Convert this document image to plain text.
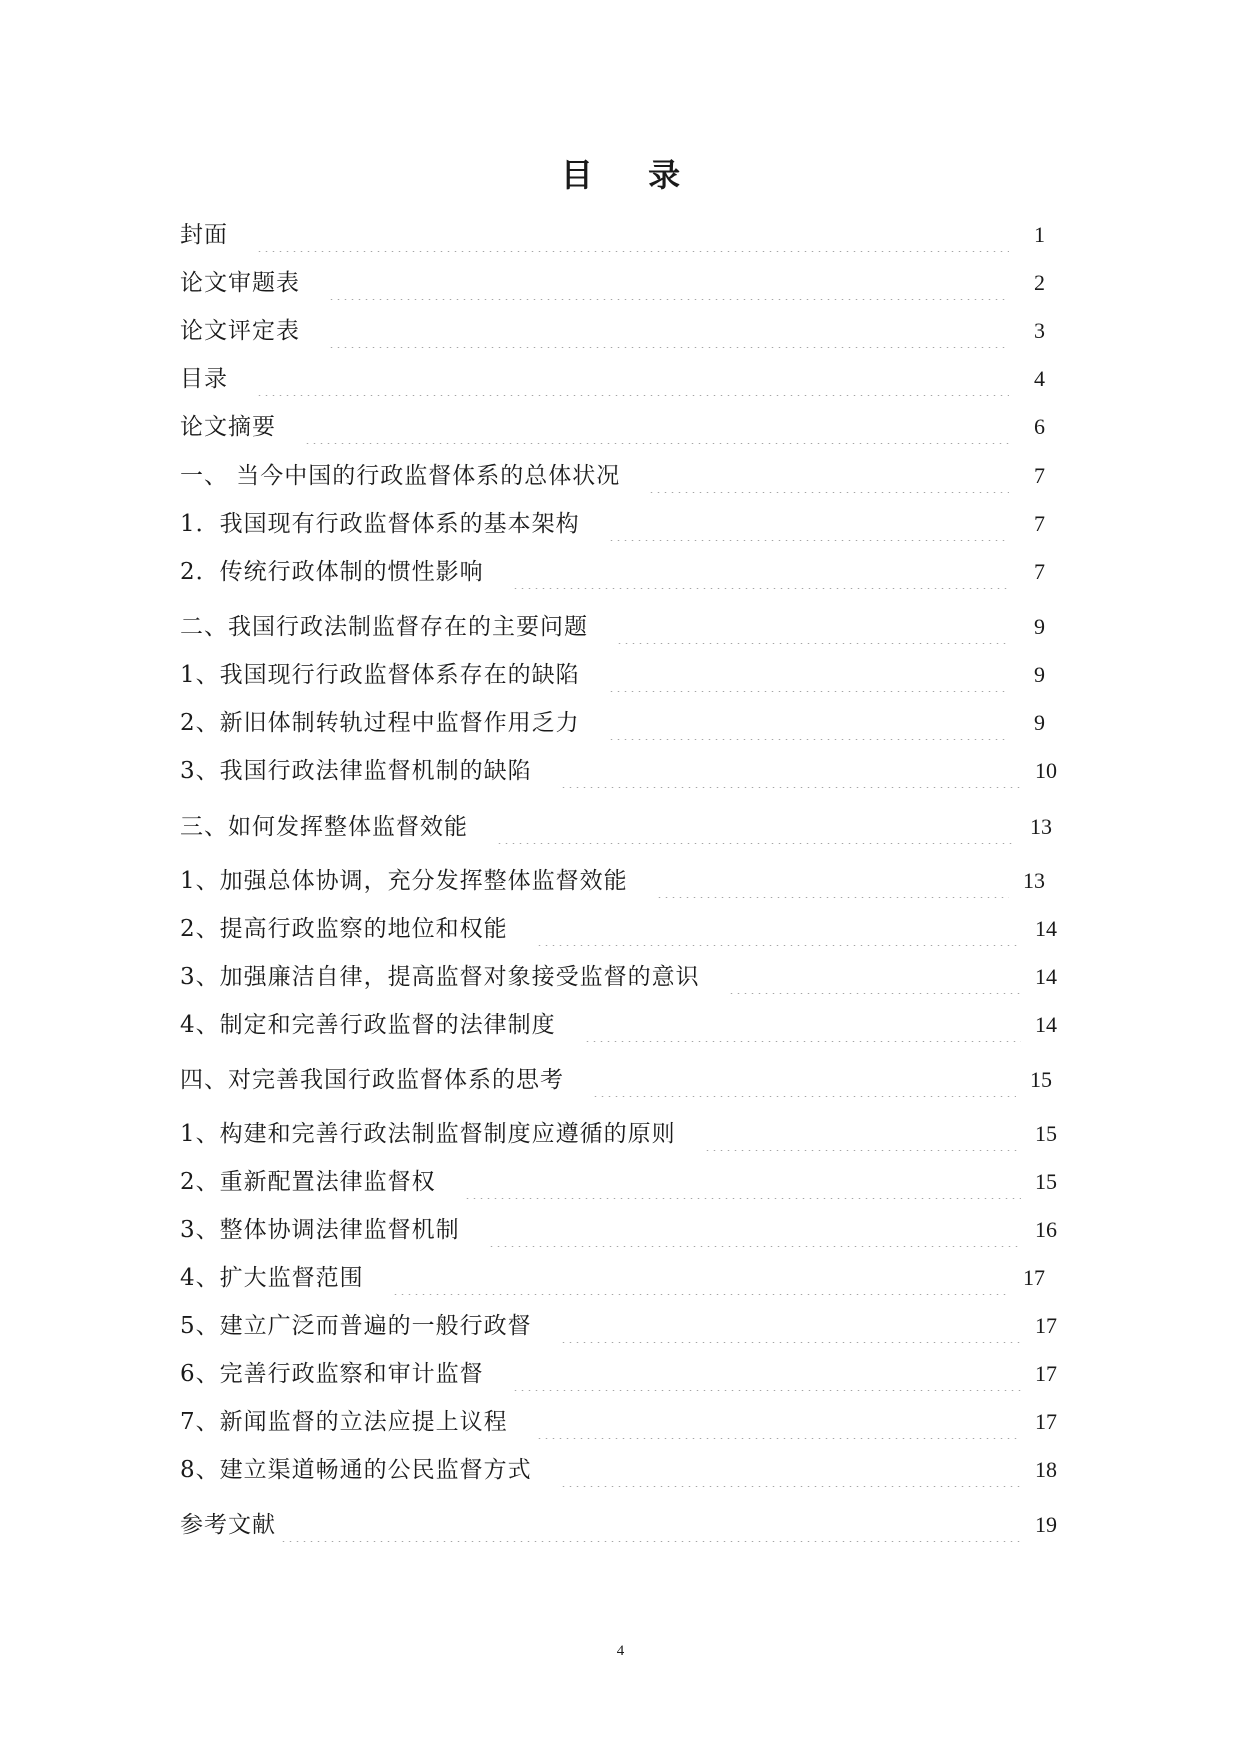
目 录
封面	1
论文审题表	2
论文评定表	3
目录	4
论文摘要	6
一、 当今中国的行政监督体系的总体状况	7
1．我国现有行政监督体系的基本架构	7
2．传统行政体制的惯性影响	7
二、我国行政法制监督存在的主要问题	9
1、我国现行行政监督体系存在的缺陷	9
2、新旧体制转轨过程中监督作用乏力	9
3、我国行政法律监督机制的缺陷	10
三、如何发挥整体监督效能	13
1、加强总体协调，充分发挥整体监督效能	13
2、提高行政监察的地位和权能	14
3、加强廉洁自律，提高监督对象接受监督的意识	14
4、制定和完善行政监督的法律制度	14
四、对完善我国行政监督体系的思考	15
1、构建和完善行政法制监督制度应遵循的原则	15
2、重新配置法律监督权	15
3、整体协调法律监督机制	16
4、扩大监督范围	17
5、建立广泛而普遍的一般行政督	17
6、完善行政监察和审计监督	17
7、新闻监督的立法应提上议程	17
8、建立渠道畅通的公民监督方式	18
参考文献	19
4
